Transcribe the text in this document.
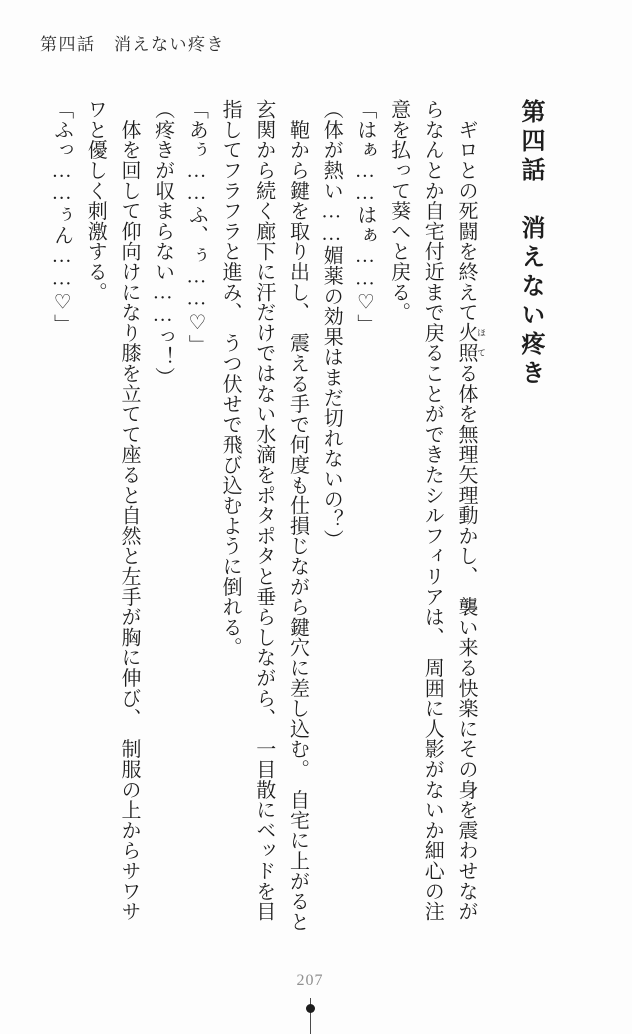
第四話　消えない疼き

第四話　消えない疼き

　ギロとの死闘を終えて火照 ほてる体を無理矢理動かし、　襲い来る快楽にその身を震わせながらなんとか自宅付近まで戻ることができたシルフィリアは、　周囲に人影がないか細心の注意を払って葵へと戻る。

「はぁ……はぁ……♡」

（体が熱い……媚薬の効果はまだ切れないの？）

　鞄から鍵を取り出し、　震える手で何度も仕損じながら鍵穴に差し込む。　自宅に上がると玄関から続く廊下に汗だけではない水滴をポタポタと垂らしながら、　一目散にベッドを目指してフラフラと進み、　うつ伏せで飛び込むように倒れる。

「あぅ……ふ、ぅ……♡」

（疼きが収まらない……っ！）

　体を回して仰向けになり膝を立てて座ると自然と左手が胸に伸び、　制服の上からサワサワと優しく刺激する。

「ふっ……ぅん……♡」

207
